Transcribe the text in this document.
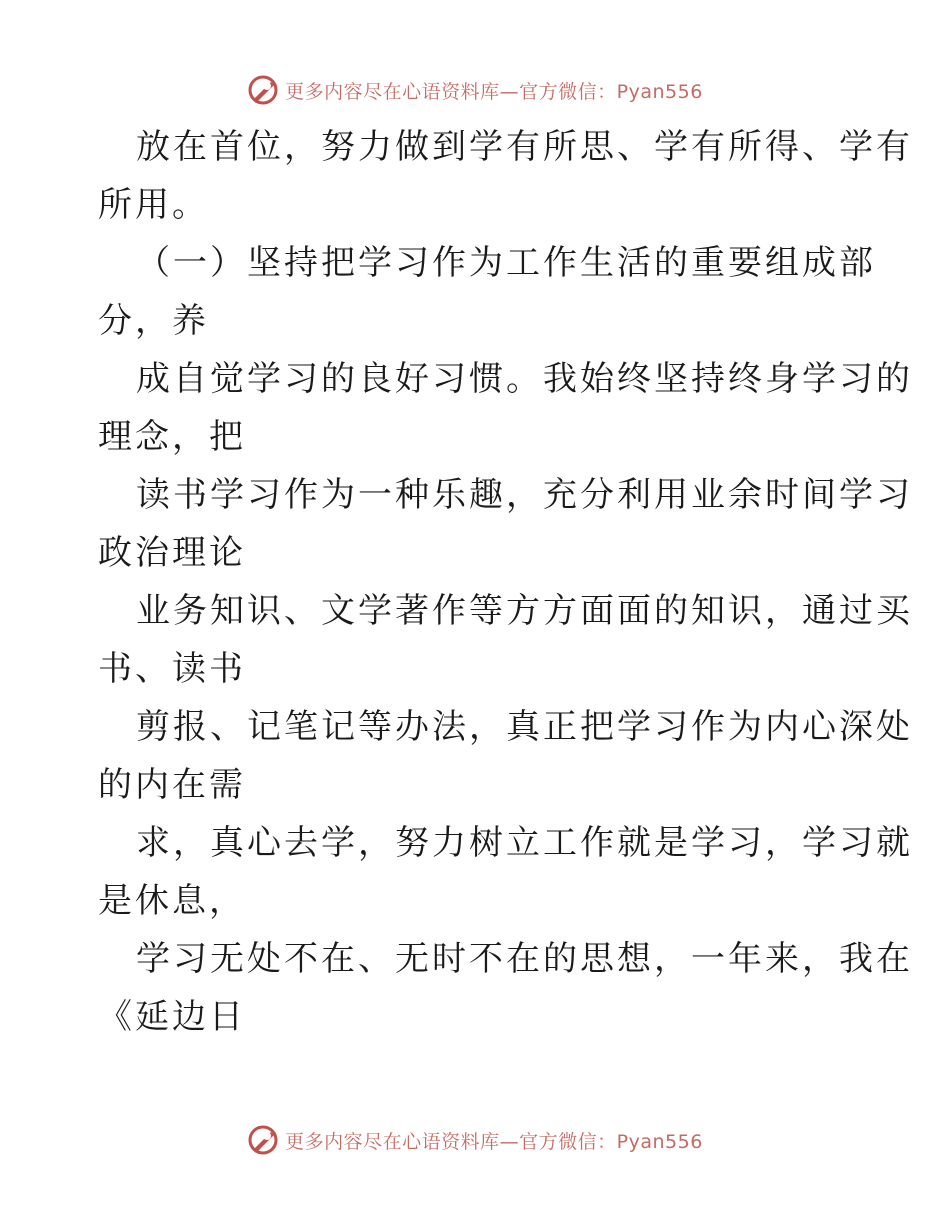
更多内容尽在心语资料库—官方微信：Pyan556
放在首位，努力做到学有所思、学有所得、学有
所用。
（一）坚持把学习作为工作生活的重要组成部
分，养
成自觉学习的良好习惯。我始终坚持终身学习的
理念，把
读书学习作为一种乐趣，充分利用业余时间学习
政治理论
业务知识、文学著作等方方面面的知识，通过买
书、读书
剪报、记笔记等办法，真正把学习作为内心深处
的内在需
求，真心去学，努力树立工作就是学习，学习就
是休息，
学习无处不在、无时不在的思想，一年来，我在
《延边日
更多内容尽在心语资料库—官方微信：Pyan556
